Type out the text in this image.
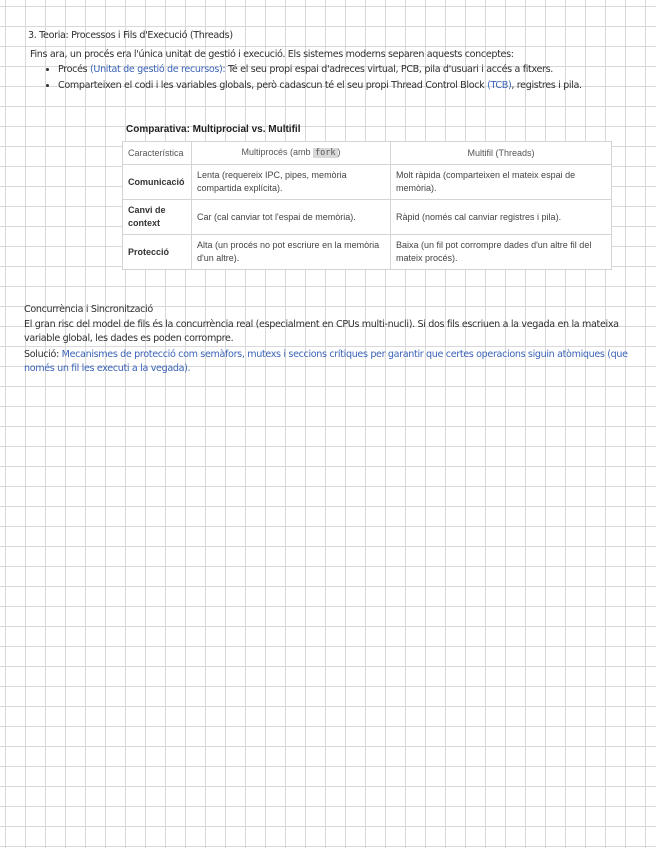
3. Teoria: Processos i Fils d'Execució (Threads)
Fins ara, un procés era l'única unitat de gestió i execució. Els sistemes moderns separen aquests conceptes:
• Procés (Unitat de gestió de recursos): Té el seu propi espai d'adreces virtual, PCB, pila d'usuari i accés a fitxers.
• Comparteixen el codi i les variables globals, però cadascun té el seu propi Thread Control Block (TCB), registres i pila.
Comparativa: Multiprocial vs. Multifil
Característica	Multiprocés (amb fork )	Multifil (Threads)
Comunicació	Lenta (requereix IPC, pipes, memòria compartida explícita).	Molt ràpida (comparteixen el mateix espai de memòria).
Canvi de context	Car (cal canviar tot l'espai de memòria).	Ràpid (només cal canviar registres i pila).
Protecció	Alta (un procés no pot escriure en la memòria d'un altre).	Baixa (un fil pot corrompre dades d'un altre fil del mateix procés).
Concurrència i Sincronització
El gran risc del model de fils és la concurrència real (especialment en CPUs multi-nucli). Si dos fils escriuen a la vegada en la mateixa variable global, les dades es poden corrompre.
Solució: Mecanismes de protecció com semàfors, mutexs i seccions crítiques per garantir que certes operacions siguin atòmiques (que només un fil les executi a la vegada).
